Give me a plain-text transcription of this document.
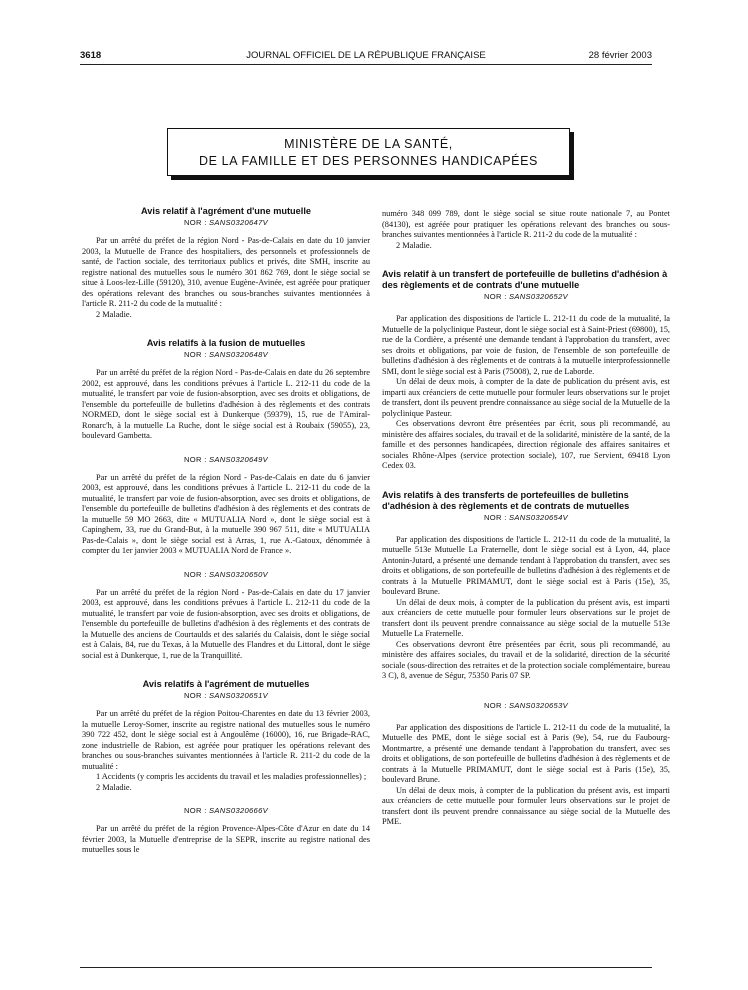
3618	JOURNAL OFFICIEL DE LA RÉPUBLIQUE FRANÇAISE	28 février 2003
MINISTÈRE DE LA SANTÉ,
DE LA FAMILLE ET DES PERSONNES HANDICAPÉES
Avis relatif à l'agrément d'une mutuelle
NOR : SANS0320647V

Par un arrêté du préfet de la région Nord - Pas-de-Calais en date du 10 janvier 2003, la Mutuelle de France des hospitaliers, des personnels et professionnels de santé, de l'action sociale, des territoriaux publics et privés, dite SMH, inscrite au registre national des mutuelles sous le numéro 301 862 769, dont le siège social se situe à Loos-lez-Lille (59120), 310, avenue Eugène-Avinée, est agréée pour pratiquer des opérations relevant des branches ou sous-branches suivantes mentionnées à l'article R. 211-2 du code de la mutualité :

2 Maladie.
Avis relatifs à la fusion de mutuelles
NOR : SANS0320648V

Par un arrêté du préfet de la région Nord - Pas-de-Calais en date du 26 septembre 2002, est approuvé, dans les conditions prévues à l'article L. 212-11 du code de la mutualité, le transfert par voie de fusion-absorption, avec ses droits et obligations, de l'ensemble du portefeuille de bulletins d'adhésion à des règlements et des contrats NORMED, dont le siège social est à Dunkerque (59379), 15, rue de l'Amiral-Ronarc'h, à la mutuelle La Ruche, dont le siège social est à Roubaix (59055), 23, boulevard Gambetta.

NOR : SANS0320649V

Par un arrêté du préfet de la région Nord - Pas-de-Calais en date du 6 janvier 2003, est approuvé, dans les conditions prévues à l'article L. 212-11 du code de la mutualité, le transfert par voie de fusion-absorption, avec ses droits et obligations, de l'ensemble du portefeuille de bulletins d'adhésion à des règlements et des contrats de la mutuelle 59 MO 2663, dite « MUTUALIA Nord », dont le siège social est à Capinghem, 33, rue du Grand-But, à la mutuelle 390 967 511, dite « MUTUALIA Pas-de-Calais », dont le siège social est à Arras, 1, rue A.-Gatoux, dénommée à compter du 1er janvier 2003 « MUTUALIA Nord de France ».

NOR : SANS0320650V

Par un arrêté du préfet de la région Nord - Pas-de-Calais en date du 17 janvier 2003, est approuvé, dans les conditions prévues à l'article L. 212-11 du code de la mutualité, le transfert par voie de fusion-absorption, avec ses droits et obligations, de l'ensemble du portefeuille de bulletins d'adhésion à des règlements et des contrats de la Mutuelle des anciens de Courtaulds et des salariés du Calaisis, dont le siège social est à Calais, 84, rue du Texas, à la Mutuelle des Flandres et du Littoral, dont le siège social est à Dunkerque, 1, rue de la Tranquillité.

Avis relatifs à l'agrément de mutuelles
NOR : SANS0320651V

Par un arrêté du préfet de la région Poitou-Charentes en date du 13 février 2003, la mutuelle Leroy-Somer, inscrite au registre national des mutuelles sous le numéro 390 722 452, dont le siège social est à Angoulême (16000), 16, rue Brigade-RAC, zone industrielle de Rabion, est agréée pour pratiquer les opérations relevant des branches ou sous-branches suivantes mentionnées à l'article R. 211-2 du code de la mutualité :

1 Accidents (y compris les accidents du travail et les maladies professionnelles) ;
2 Maladie.
NOR : SANS0320666V

Par un arrêté du préfet de la région Provence-Alpes-Côte d'Azur en date du 14 février 2003, la Mutuelle d'entreprise de la SEPR, inscrite au registre national des mutuelles sous le

numéro 348 099 789, dont le siège social se situe route nationale 7, au Pontet (84130), est agréée pour pratiquer les opérations relevant des branches ou sous-branches suivantes mentionnées à l'article R. 211-2 du code de la mutualité :

2 Maladie.
Avis relatif à un transfert de portefeuille de bulletins d'adhésion à des règlements et de contrats d'une mutuelle
NOR : SANS0320652V

Par application des dispositions de l'article L. 212-11 du code de la mutualité, la Mutuelle de la polyclinique Pasteur, dont le siège social est à Saint-Priest (69800), 15, rue de la Cordière, a présenté une demande tendant à l'approbation du transfert, avec ses droits et obligations, par voie de fusion, de l'ensemble de son portefeuille de bulletins d'adhésion à des règlements et de contrats à la mutuelle interprofessionnelle SMI, dont le siège social est à Paris (75008), 2, rue de Laborde.

Un délai de deux mois, à compter de la date de publication du présent avis, est imparti aux créanciers de cette mutuelle pour formuler leurs observations sur le projet de transfert, dont ils peuvent prendre connaissance au siège social de la Mutuelle de la polyclinique Pasteur.

Ces observations devront être présentées par écrit, sous pli recommandé, au ministère des affaires sociales, du travail et de la solidarité, ministère de la santé, de la famille et des personnes handicapées, direction régionale des affaires sanitaires et sociales Rhône-Alpes (service protection sociale), 107, rue Servient, 69418 Lyon Cedex 03.

Avis relatifs à des transferts de portefeuilles de bulletins d'adhésion à des règlements et de contrats de mutuelles
NOR : SANS0320654V

Par application des dispositions de l'article L. 212-11 du code de la mutualité, la mutuelle 513e Mutuelle La Fraternelle, dont le siège social est à Lyon, 44, place Antonin-Jutard, a présenté une demande tendant à l'approbation du transfert, avec ses droits et obligations, de son portefeuille de bulletins d'adhésion à des règlements et de contrats à la Mutuelle PRIMAMUT, dont le siège social est à Paris (15e), 35, boulevard Brune.

Un délai de deux mois, à compter de la publication du présent avis, est imparti aux créanciers de cette mutuelle pour formuler leurs observations sur le projet de transfert dont ils peuvent prendre connaissance au siège social de la mutuelle 513e Mutuelle La Fraternelle.

Ces observations devront être présentées par écrit, sous pli recommandé, au ministère des affaires sociales, du travail et de la solidarité, direction de la sécurité sociale (sous-direction des retraites et de la protection sociale complémentaire, bureau 3 C), 8, avenue de Ségur, 75350 Paris 07 SP.

NOR : SANS0320653V

Par application des dispositions de l'article L. 212-11 du code de la mutualité, la Mutuelle des PME, dont le siège social est à Paris (9e), 54, rue du Faubourg-Montmartre, a présenté une demande tendant à l'approbation du transfert, avec ses droits et obligations, de son portefeuille de bulletins d'adhésion à des règlements et de contrats à la Mutuelle PRIMAMUT, dont le siège social est à Paris (15e), 35, boulevard Brune.

Un délai de deux mois, à compter de la publication du présent avis, est imparti aux créanciers de cette mutuelle pour formuler leurs observations sur le projet de transfert dont ils peuvent prendre connaissance au siège social de la Mutuelle des PME.
